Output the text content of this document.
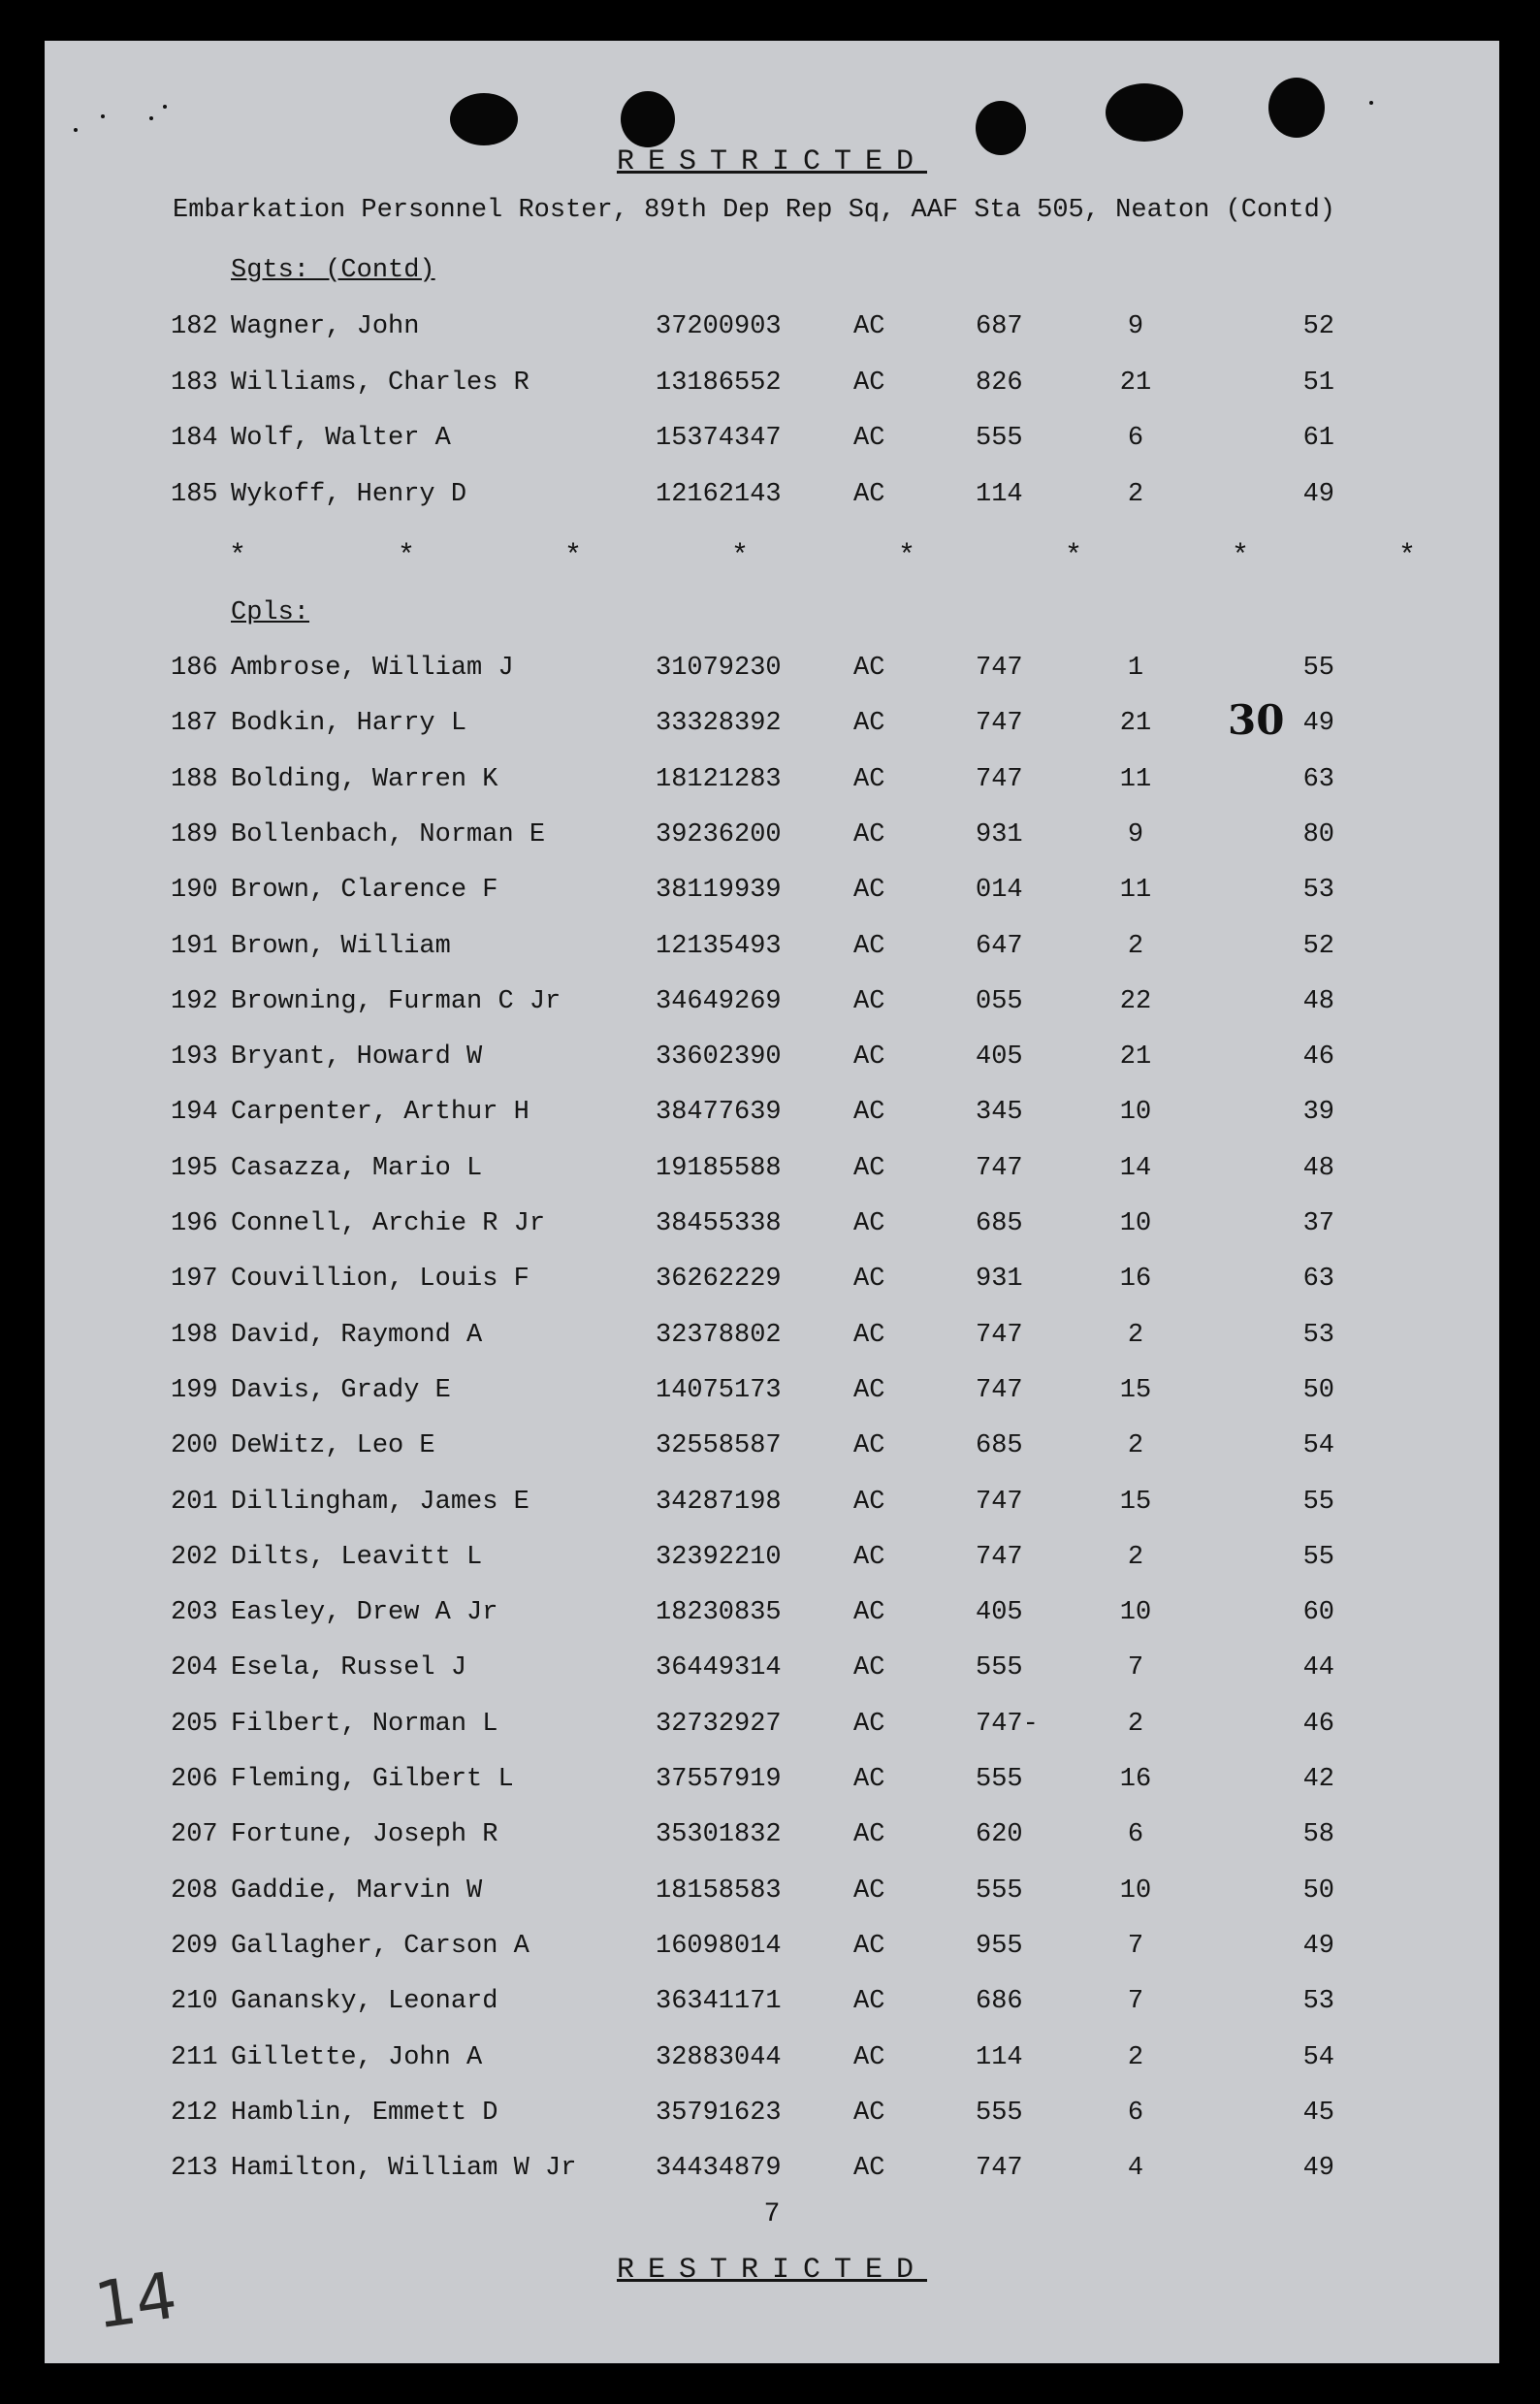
RESTRICTED
Embarkation Personnel Roster, 89th Dep Rep Sq, AAF Sta 505, Neaton (Contd)
Sgts: (Contd)
182 Wagner, John	37200903	AC	687	9	52
183 Williams, Charles R	13186552	AC	826	21	51
184 Wolf, Walter A	15374347	AC	555	6	61
185 Wykoff, Henry D	12162143	AC	114	2	49
*	*	*	*	*	*	*	*
Cpls:
186 Ambrose, William J	31079230	AC	747	1	55
187 Bodkin, Harry L	33328392	AC	747	21	49
188 Bolding, Warren K	18121283	AC	747	11	63
189 Bollenbach, Norman E	39236200	AC	931	9	80
190 Brown, Clarence F	38119939	AC	014	11	53
191 Brown, William	12135493	AC	647	2	52
192 Browning, Furman C Jr	34649269	AC	055	22	48
193 Bryant, Howard W	33602390	AC	405	21	46
194 Carpenter, Arthur H	38477639	AC	345	10	39
195 Casazza, Mario L	19185588	AC	747	14	48
196 Connell, Archie R Jr	38455338	AC	685	10	37
197 Couvillion, Louis F	36262229	AC	931	16	63
198 David, Raymond A	32378802	AC	747	2	53
199 Davis, Grady E	14075173	AC	747	15	50
200 DeWitz, Leo E	32558587	AC	685	2	54
201 Dillingham, James E	34287198	AC	747	15	55
202 Dilts, Leavitt L	32392210	AC	747	2	55
203 Easley, Drew A Jr	18230835	AC	405	10	60
204 Esela, Russel J	36449314	AC	555	7	44
205 Filbert, Norman L	32732927	AC	747-	2	46
206 Fleming, Gilbert L	37557919	AC	555	16	42
207 Fortune, Joseph R	35301832	AC	620	6	58
208 Gaddie, Marvin W	18158583	AC	555	10	50
209 Gallagher, Carson A	16098014	AC	955	7	49
210 Ganansky, Leonard	36341171	AC	686	7	53
211 Gillette, John A	32883044	AC	114	2	54
212 Hamblin, Emmett D	35791623	AC	555	6	45
213 Hamilton, William W Jr	34434879	AC	747	4	49
30
7
RESTRICTED
14
